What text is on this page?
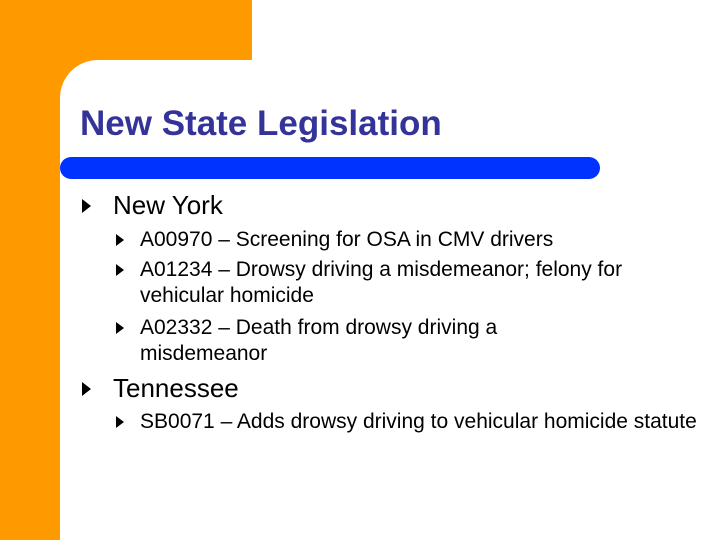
New State Legislation
New York
A00970 – Screening for OSA in CMV drivers
A01234 – Drowsy driving a misdemeanor; felony for vehicular homicide
A02332 – Death from drowsy driving a misdemeanor
Tennessee
SB0071 – Adds drowsy driving to vehicular homicide statute
